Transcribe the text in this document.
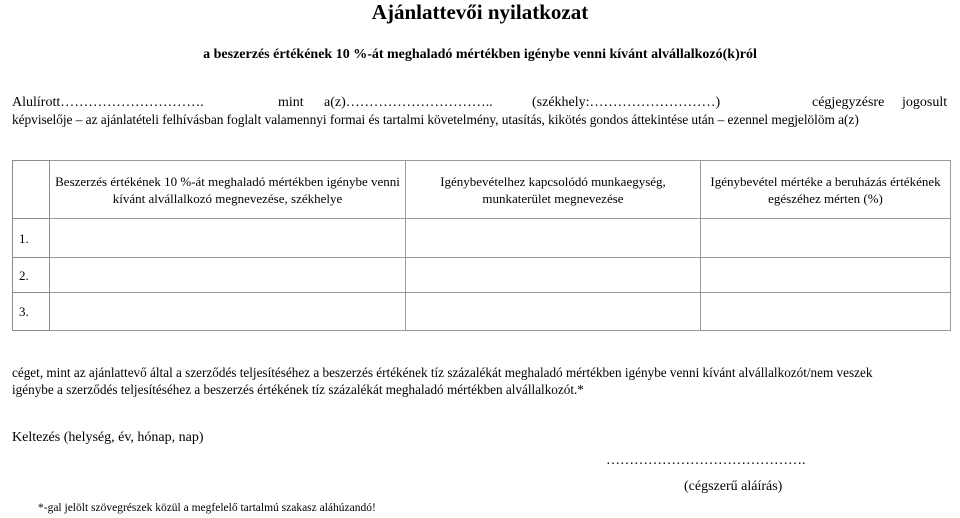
Ajánlattevői nyilatkozat
a beszerzés értékének 10 %-át meghaladó mértékben igénybe venni kívánt alvállalkozó(k)ról
Alulírott………………………….	mint a(z)…………………………..	(székhely:………………………)	cégjegyzésre jogosult
képviselője – az ajánlatételi felhívásban foglalt valamennyi formai és tartalmi követelmény, utasítás, kikötés gondos áttekintése után – ezennel megjelölöm a(z)
	Beszerzés értékének 10 %-át meghaladó mértékben igénybe venni kívánt alvállalkozó megnevezése, székhelye	Igénybevételhez kapcsolódó munkaegység, munkaterület megnevezése	Igénybevétel mértéke a beruházás értékének egészéhez mérten (%)
1.			
2.			
3.			
céget, mint az ajánlattevő által a szerződés teljesítéséhez a beszerzés értékének tíz százalékát meghaladó mértékben igénybe venni kívánt alvállalkozót/nem veszek
igénybe a szerződés teljesítéséhez a beszerzés értékének tíz százalékát meghaladó mértékben alvállalkozót.*
Keltezés (helység, év, hónap, nap)
…………………………………….
(cégszerű aláírás)
*-gal jelölt szövegrészek közül a megfelelő tartalmú szakasz aláhúzandó!
